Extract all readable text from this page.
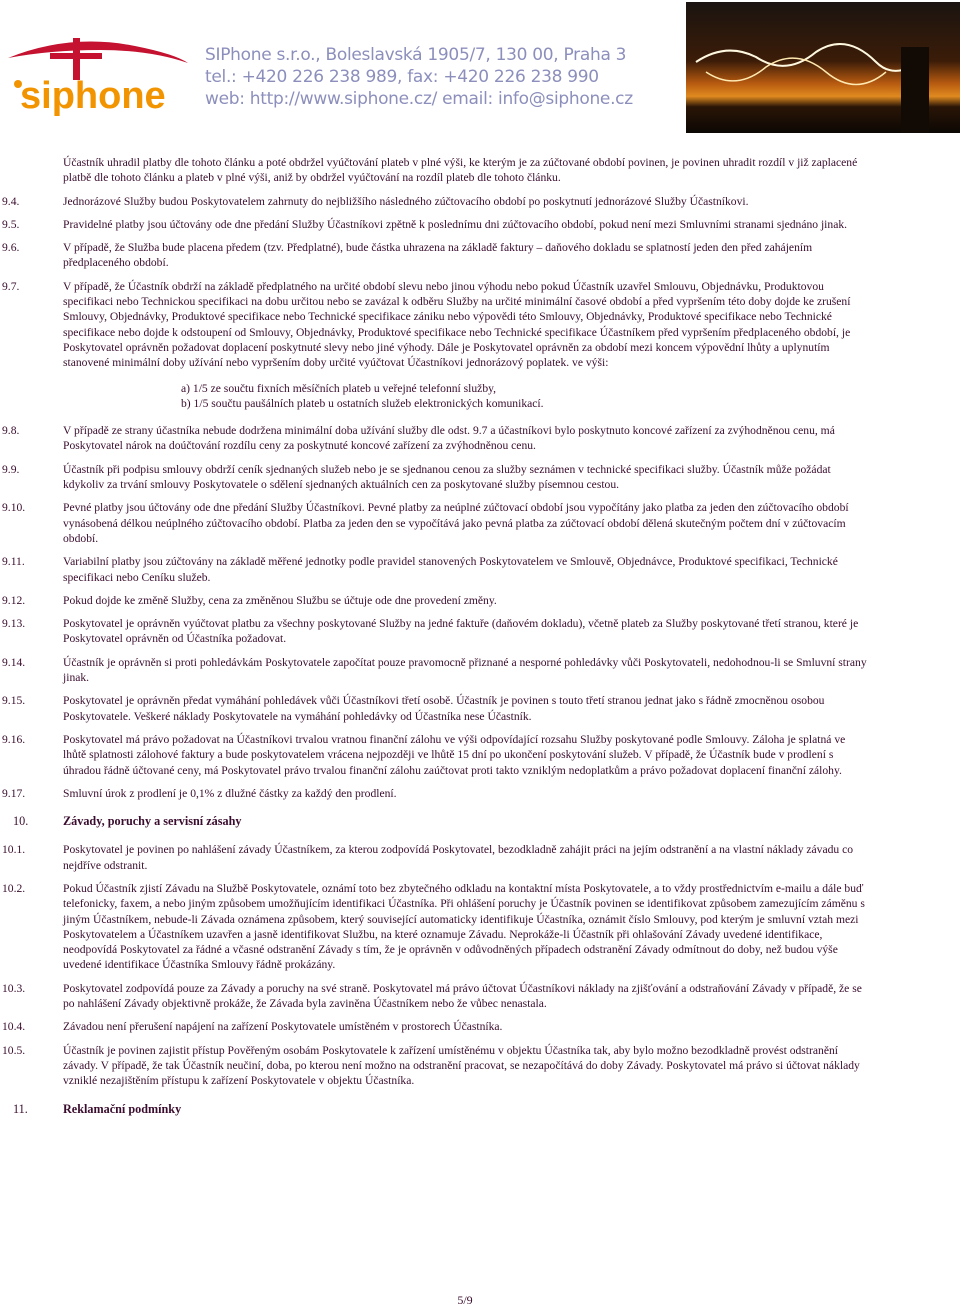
siphone
SIPhone s.r.o., Boleslavská 1905/7, 130 00, Praha 3
tel.: +420 226 238 989, fax: +420 226 238 990
web: http://www.siphone.cz/ email: info@siphone.cz
Účastník uhradil platby dle tohoto článku a poté obdržel vyúčtování plateb v plné výši, ke kterým je za zúčtované období povinen, je povinen uhradit rozdíl v již zaplacené platbě dle tohoto článku a plateb v plné výši, aniž by obdržel vyúčtování na rozdíl plateb dle tohoto článku.
9.4.	Jednorázové Služby budou Poskytovatelem zahrnuty do nejbližšího následného zúčtovacího období po poskytnutí jednorázové Služby Účastníkovi.
9.5.	Pravidelné platby jsou účtovány ode dne předání Služby Účastníkovi zpětně k poslednímu dni zúčtovacího období, pokud není mezi Smluvními stranami sjednáno jinak.
9.6.	V případě, že Služba bude placena předem (tzv. Předplatné), bude částka uhrazena na základě faktury – daňového dokladu se splatností jeden den před zahájením předplaceného období.
9.7.	V případě, že Účastník obdrží na základě předplatného na určité období slevu nebo jinou výhodu nebo pokud Účastník uzavřel Smlouvu, Objednávku, Produktovou specifikaci nebo Technickou specifikaci na dobu určitou nebo se zavázal k odběru Služby na určité minimální časové období a před vypršením této doby dojde ke zrušení Smlouvy, Objednávky, Produktové specifikace nebo Technické specifikace zániku nebo výpovědi této Smlouvy, Objednávky, Produktové specifikace nebo Technické specifikace nebo dojde k odstoupení od Smlouvy, Objednávky, Produktové specifikace nebo Technické specifikace Účastníkem před vypršením předplaceného období, je Poskytovatel oprávněn požadovat doplacení poskytnuté slevy nebo jiné výhody. Dále je Poskytovatel oprávněn za období mezi koncem výpovědní lhůty a uplynutím stanovené minimální doby užívání nebo vypršením doby určité vyúčtovat Účastníkovi jednorázový poplatek. ve výši:
a) 1/5 ze součtu fixních měsíčních plateb u veřejné telefonní služby,
b) 1/5 součtu paušálních plateb u ostatních služeb elektronických komunikací.
9.8.	V případě ze strany účastníka nebude dodržena minimální doba užívání služby dle odst. 9.7 a účastníkovi bylo poskytnuto koncové zařízení za zvýhodněnou cenu, má Poskytovatel nárok na doúčtování rozdílu ceny za poskytnuté koncové zařízení za zvýhodněnou cenu.
9.9.	Účastník při podpisu smlouvy obdrží ceník sjednaných služeb nebo je se sjednanou cenou za služby seznámen v technické specifikaci služby. Účastník může požádat kdykoliv za trvání smlouvy Poskytovatele o sdělení sjednaných aktuálních cen za poskytované služby písemnou cestou.
9.10.	Pevné platby jsou účtovány ode dne předání Služby Účastníkovi. Pevné platby za neúplné zúčtovací období jsou vypočítány jako platba za jeden den zúčtovacího období vynásobená délkou neúplného zúčtovacího období. Platba za jeden den se vypočítává jako pevná platba za zúčtovací období dělená skutečným počtem dní v zúčtovacím období.
9.11.	Variabilní platby jsou zúčtovány na základě měřené jednotky podle pravidel stanovených Poskytovatelem ve Smlouvě, Objednávce, Produktové specifikaci, Technické specifikaci nebo Ceníku služeb.
9.12.	Pokud dojde ke změně Služby, cena za změněnou Službu se účtuje ode dne provedení změny.
9.13.	Poskytovatel je oprávněn vyúčtovat platbu za všechny poskytované Služby na jedné faktuře (daňovém dokladu), včetně plateb za Služby poskytované třetí stranou, které je Poskytovatel oprávněn od Účastníka požadovat.
9.14.	Účastník je oprávněn si proti pohledávkám Poskytovatele započítat pouze pravomocně přiznané a nesporné pohledávky vůči Poskytovateli, nedohodnou-li se Smluvní strany jinak.
9.15.	Poskytovatel je oprávněn předat vymáhání pohledávek vůči Účastníkovi třetí osobě. Účastník je povinen s touto třetí stranou jednat jako s řádně zmocněnou osobou Poskytovatele. Veškeré náklady Poskytovatele na vymáhání pohledávky od Účastníka nese Účastník.
9.16.	Poskytovatel má právo požadovat na Účastníkovi trvalou vratnou finanční zálohu ve výši odpovídající rozsahu Služby poskytované podle Smlouvy. Záloha je splatná ve lhůtě splatnosti zálohové faktury a bude poskytovatelem vrácena nejpozději ve lhůtě 15 dní po ukončení poskytování služeb. V případě, že Účastník bude v prodlení s úhradou řádně účtované ceny, má Poskytovatel právo trvalou finanční zálohu zaúčtovat proti takto vzniklým nedoplatkům a právo požadovat doplacení finanční zálohy.
9.17.	Smluvní úrok z prodlení je 0,1% z dlužné částky za každý den prodlení.
10.	Závady, poruchy a servisní zásahy
10.1.	Poskytovatel je povinen po nahlášení závady Účastníkem, za kterou zodpovídá Poskytovatel, bezodkladně zahájit práci na jejím odstranění a na vlastní náklady závadu co nejdříve odstranit.
10.2.	Pokud Účastník zjistí Závadu na Službě Poskytovatele, oznámí toto bez zbytečného odkladu na kontaktní místa Poskytovatele, a to vždy prostřednictvím e-mailu a dále buď telefonicky, faxem, a nebo jiným způsobem umožňujícím identifikaci Účastníka. Při ohlášení poruchy je Účastník povinen se identifikovat způsobem zamezujícím záměnu s jiným Účastníkem, nebude-li Závada oznámena způsobem, který související automaticky identifikuje Účastníka, oznámit číslo Smlouvy, pod kterým je smluvní vztah mezi Poskytovatelem a Účastníkem uzavřen a jasně identifikovat Službu, na které oznamuje Závadu. Neprokáže-li Účastník při ohlašování Závady uvedené identifikace, neodpovídá Poskytovatel za řádné a včasné odstranění Závady s tím, že je oprávněn v odůvodněných případech odstranění Závady odmítnout do doby, než budou výše uvedené identifikace Účastníka Smlouvy řádně prokázány.
10.3.	Poskytovatel zodpovídá pouze za Závady a poruchy na své straně. Poskytovatel má právo účtovat Účastníkovi náklady na zjišťování a odstraňování Závady v případě, že se po nahlášení Závady objektivně prokáže, že Závada byla zaviněna Účastníkem nebo že vůbec nenastala.
10.4.	Závadou není přerušení napájení na zařízení Poskytovatele umístěném v prostorech Účastníka.
10.5.	Účastník je povinen zajistit přístup Pověřeným osobám Poskytovatele k zařízení umístěnému v objektu Účastníka tak, aby bylo možno bezodkladně provést odstranění závady. V případě, že tak Účastník neučiní, doba, po kterou není možno na odstranění pracovat, se nezapočítává do doby Závady. Poskytovatel má právo si účtovat náklady vzniklé nezajištěním přístupu k zařízení Poskytovatele v objektu Účastníka.
11.	Reklamační podmínky
5/9
